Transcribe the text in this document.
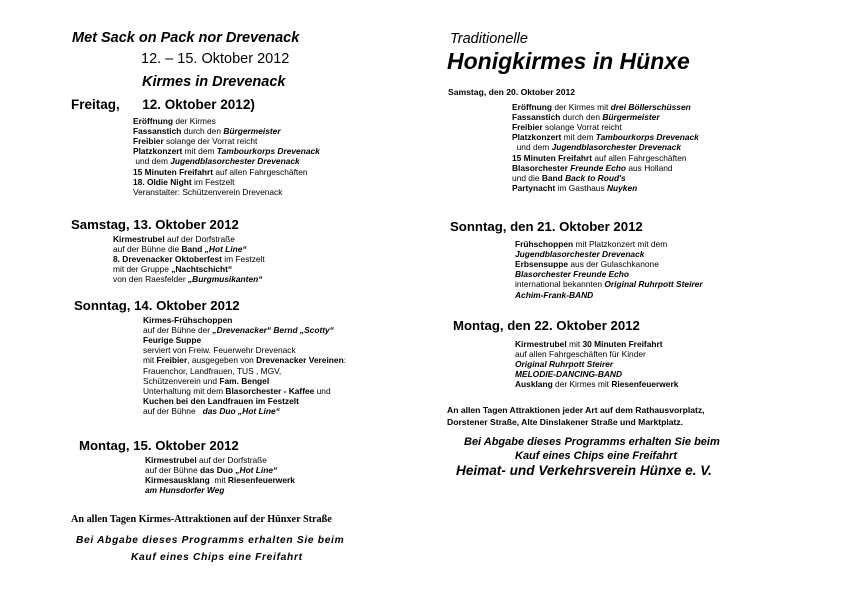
Met Sack on Pack nor Drevenack
12. – 15. Oktober 2012
Kirmes in Drevenack
Freitag,      12. Oktober 2012)
Eröffnung der Kirmes
Fassanstich durch den Bürgermeister
Freibier solange der Vorrat reicht
Platzkonzert mit dem Tambourkorps Drevenack
und dem Jugendblasorchester Drevenack
15 Minuten Freifahrt auf allen Fahrgeschäften
18. Oldie Night im Festzelt
Veranstalter: Schützenverein Drevenack
Samstag, 13. Oktober 2012
Kirmestrubel auf der Dorfstraße
auf der Bühne die Band „Hot Line“
8. Drevenacker Oktoberfest im Festzelt
mit der Gruppe „Nachtschicht“
von den Raesfelder „Burgmusikanten“
Sonntag, 14. Oktober 2012
Kirmes-Frühschoppen
auf der Bühne der „Drevenacker“ Bernd „Scotty“
Feurige Suppe
serviert von Freiw. Feuerwehr Drevenack
mit Freibier, ausgegeben von Drevenacker Vereinen:
Frauenchor, Landfrauen, TUS , MGV,
Schützenverein und Fam. Bengel
Unterhaltung mit dem Blasorchester - Kaffee und
Kuchen bei den Landfrauen im Festzelt
auf der Bühne   das Duo „Hot Line“
Montag, 15. Oktober 2012
Kirmestrubel auf der Dorfstraße
auf der Bühne das Duo „Hot Line“
Kirmesausklang  mit Riesenfeuerwerk
am Hunsdorfer Weg
An allen Tagen Kirmes-Attraktionen auf der Hünxer Straße
Bei Abgabe dieses Programms erhalten Sie beim
Kauf eines Chips eine Freifahrt
Traditionelle
Honigkirmes in Hünxe
Samstag, den 20. Oktober 2012
Eröffnung der Kirmes mit drei Böllerschüssen
Fassanstich durch den Bürgermeister
Freibier solange Vorrat reicht
Platzkonzert mit dem Tambourkorps Drevenack
und dem Jugendblasorchester Drevenack
15 Minuten Freifahrt auf allen Fahrgeschäften
Blasorchester Freunde Echo aus Holland
und die Band Back to Roud's
Partynacht im Gasthaus Nuyken
Sonntag, den 21. Oktober 2012
Frühschoppen mit Platzkonzert mit dem
Jugendblasorchester Drevenack
Erbsensuppe aus der Gulaschkanone
Blasorchester Freunde Echo
international bekannten Original Ruhrpott Steirer
Achim-Frank-BAND
Montag, den 22. Oktober 2012
Kirmestrubel mit 30 Minuten Freifahrt
auf allen Fahrgeschäften für Kinder
Original Ruhrpott Steirer
MELODIE-DANCING-BAND
Ausklang der Kirmes mit Riesenfeuerwerk
An allen Tagen Attraktionen jeder Art auf dem Rathausvorplatz,
Dorstener Straße, Alte Dinslakener Straße und Marktplatz.
Bei Abgabe dieses Programms erhalten Sie beim
Kauf eines Chips eine Freifahrt
Heimat- und Verkehrsverein Hünxe e. V.
